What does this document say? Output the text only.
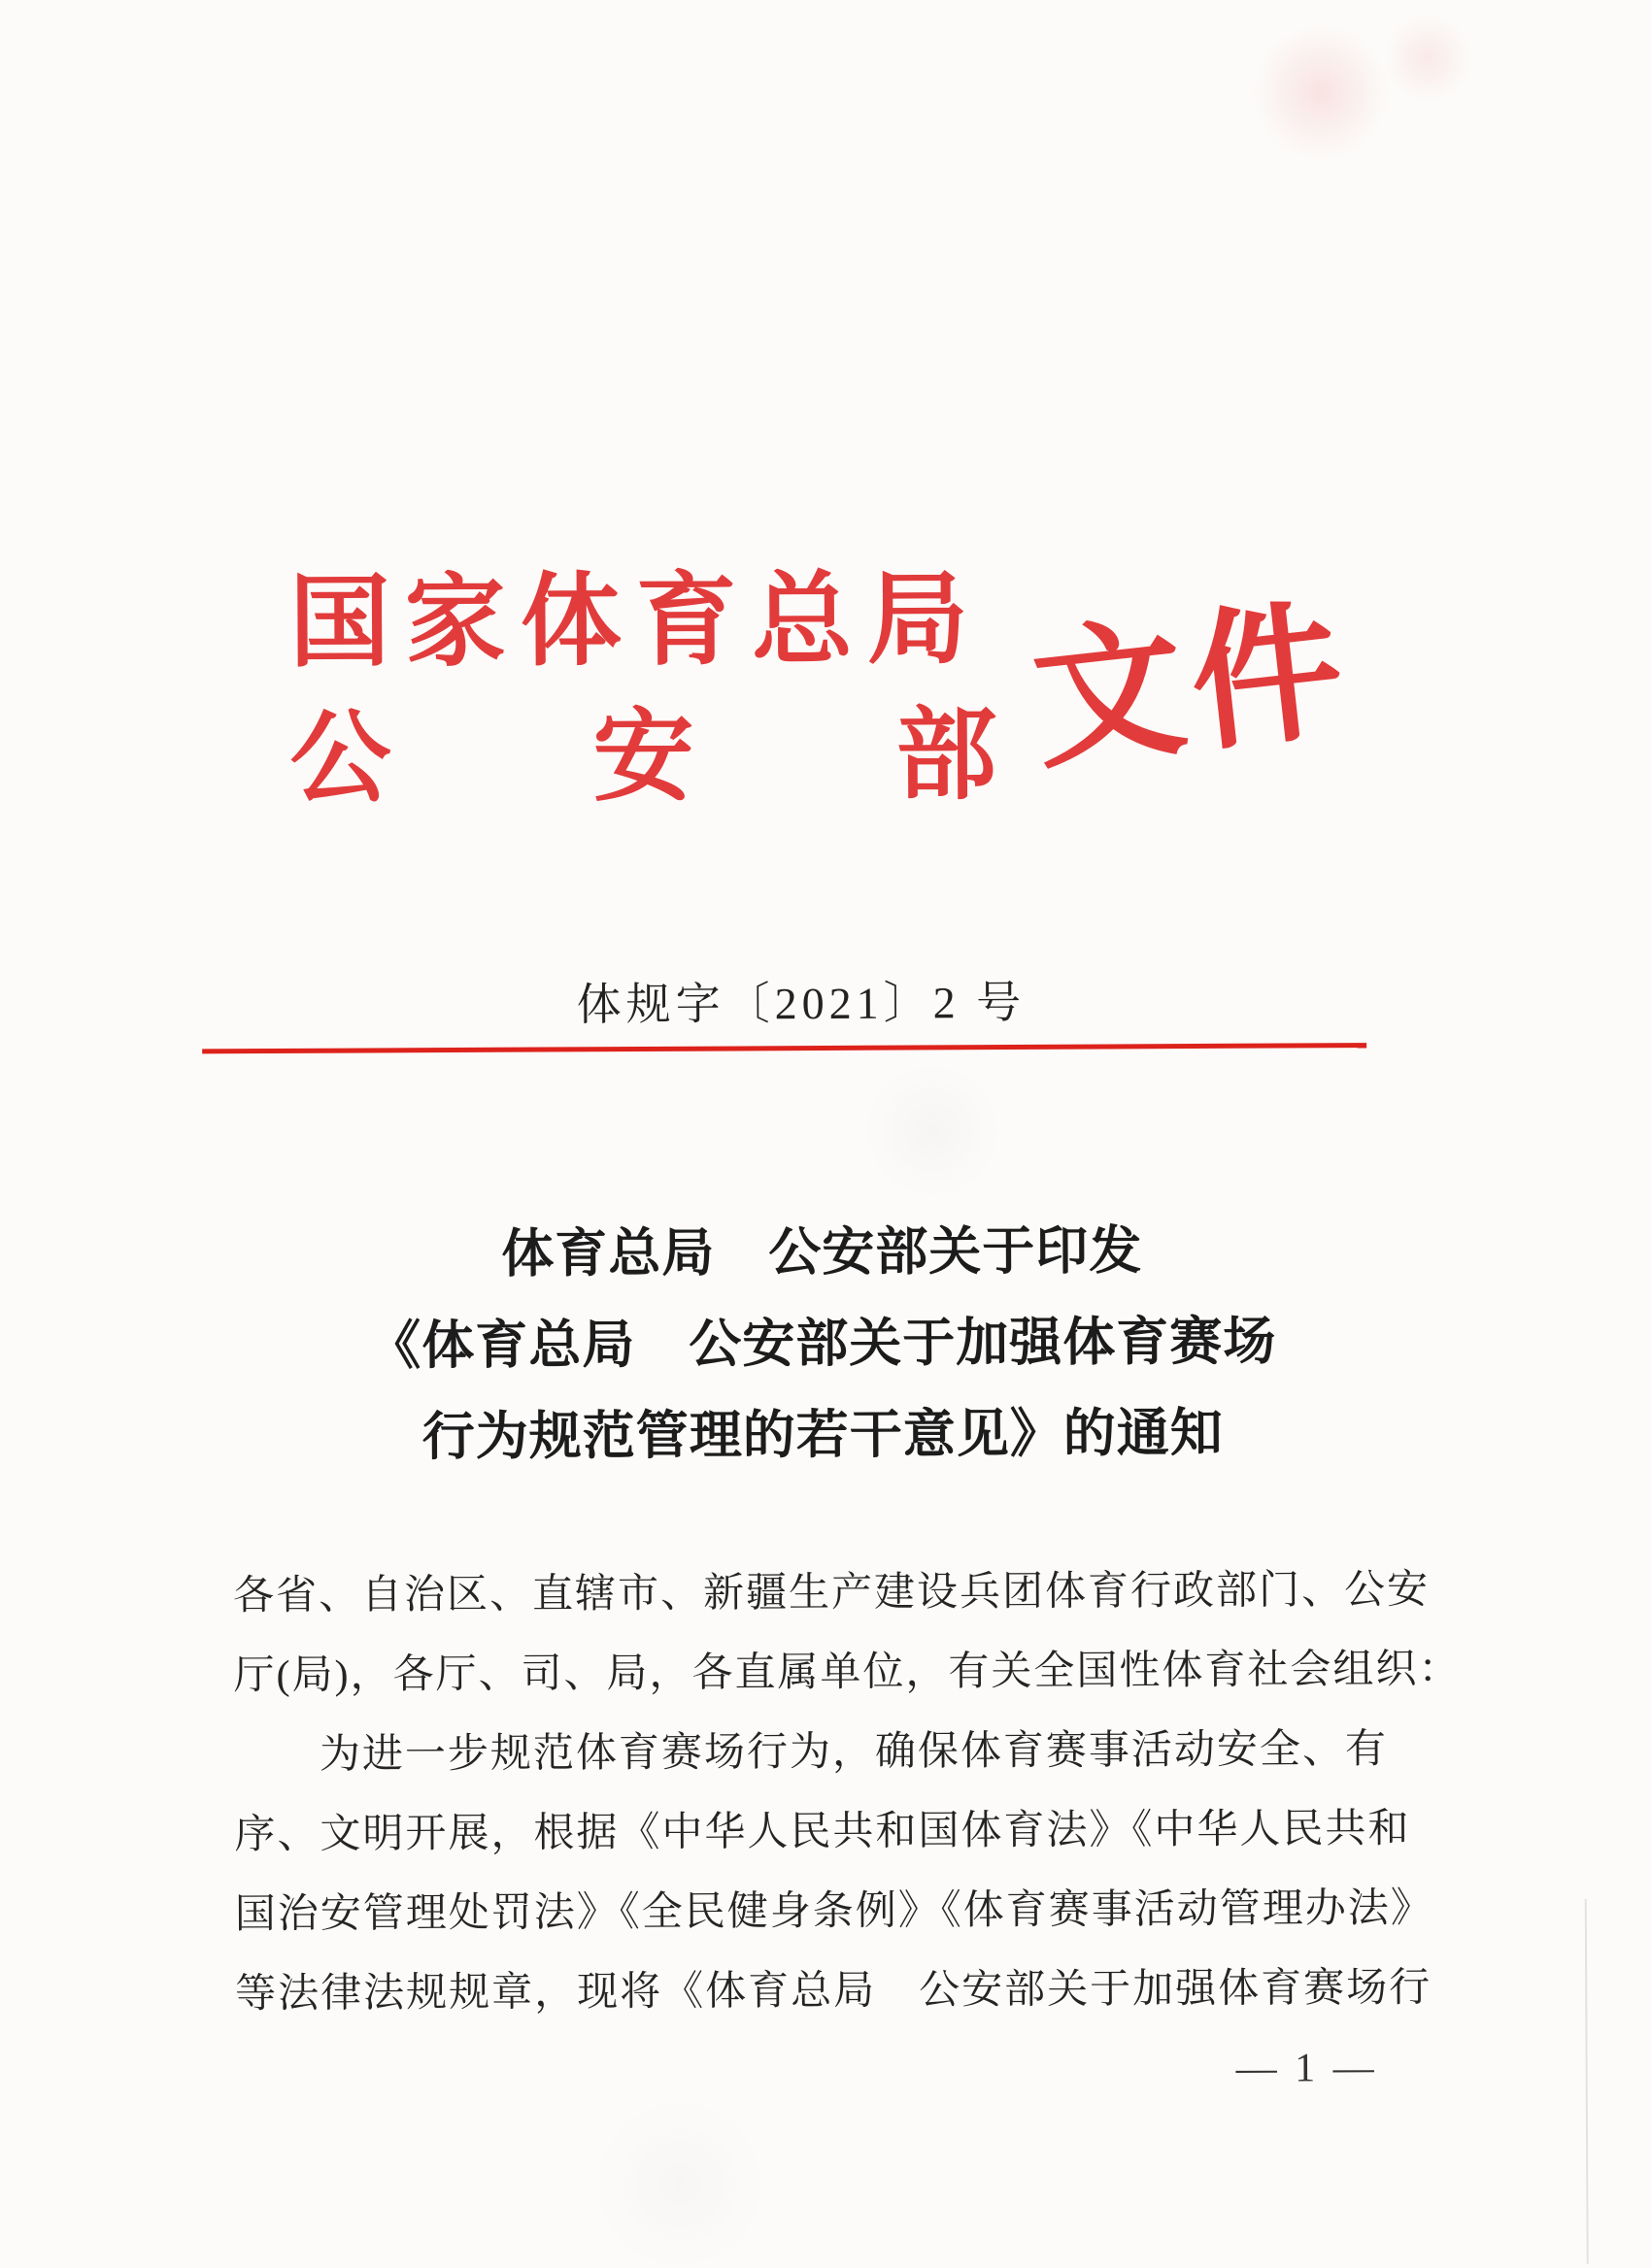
国家体育总局
公　　安　　部 文件
体规字〔2021〕2 号
体育总局　公安部关于印发
《体育总局　公安部关于加强体育赛场
行为规范管理的若干意见》的通知

各省、自治区、直辖市、新疆生产建设兵团体育行政部门、公安

厅(局)，各厅、司、局，各直属单位，有关全国性体育社会组织：

　　为进一步规范体育赛场行为，确保体育赛事活动安全、有

序、文明开展，根据《中华人民共和国体育法》《中华人民共和

国治安管理处罚法》《全民健身条例》《体育赛事活动管理办法》

等法律法规规章，现将《体育总局　公安部关于加强体育赛场行

— 1 —
